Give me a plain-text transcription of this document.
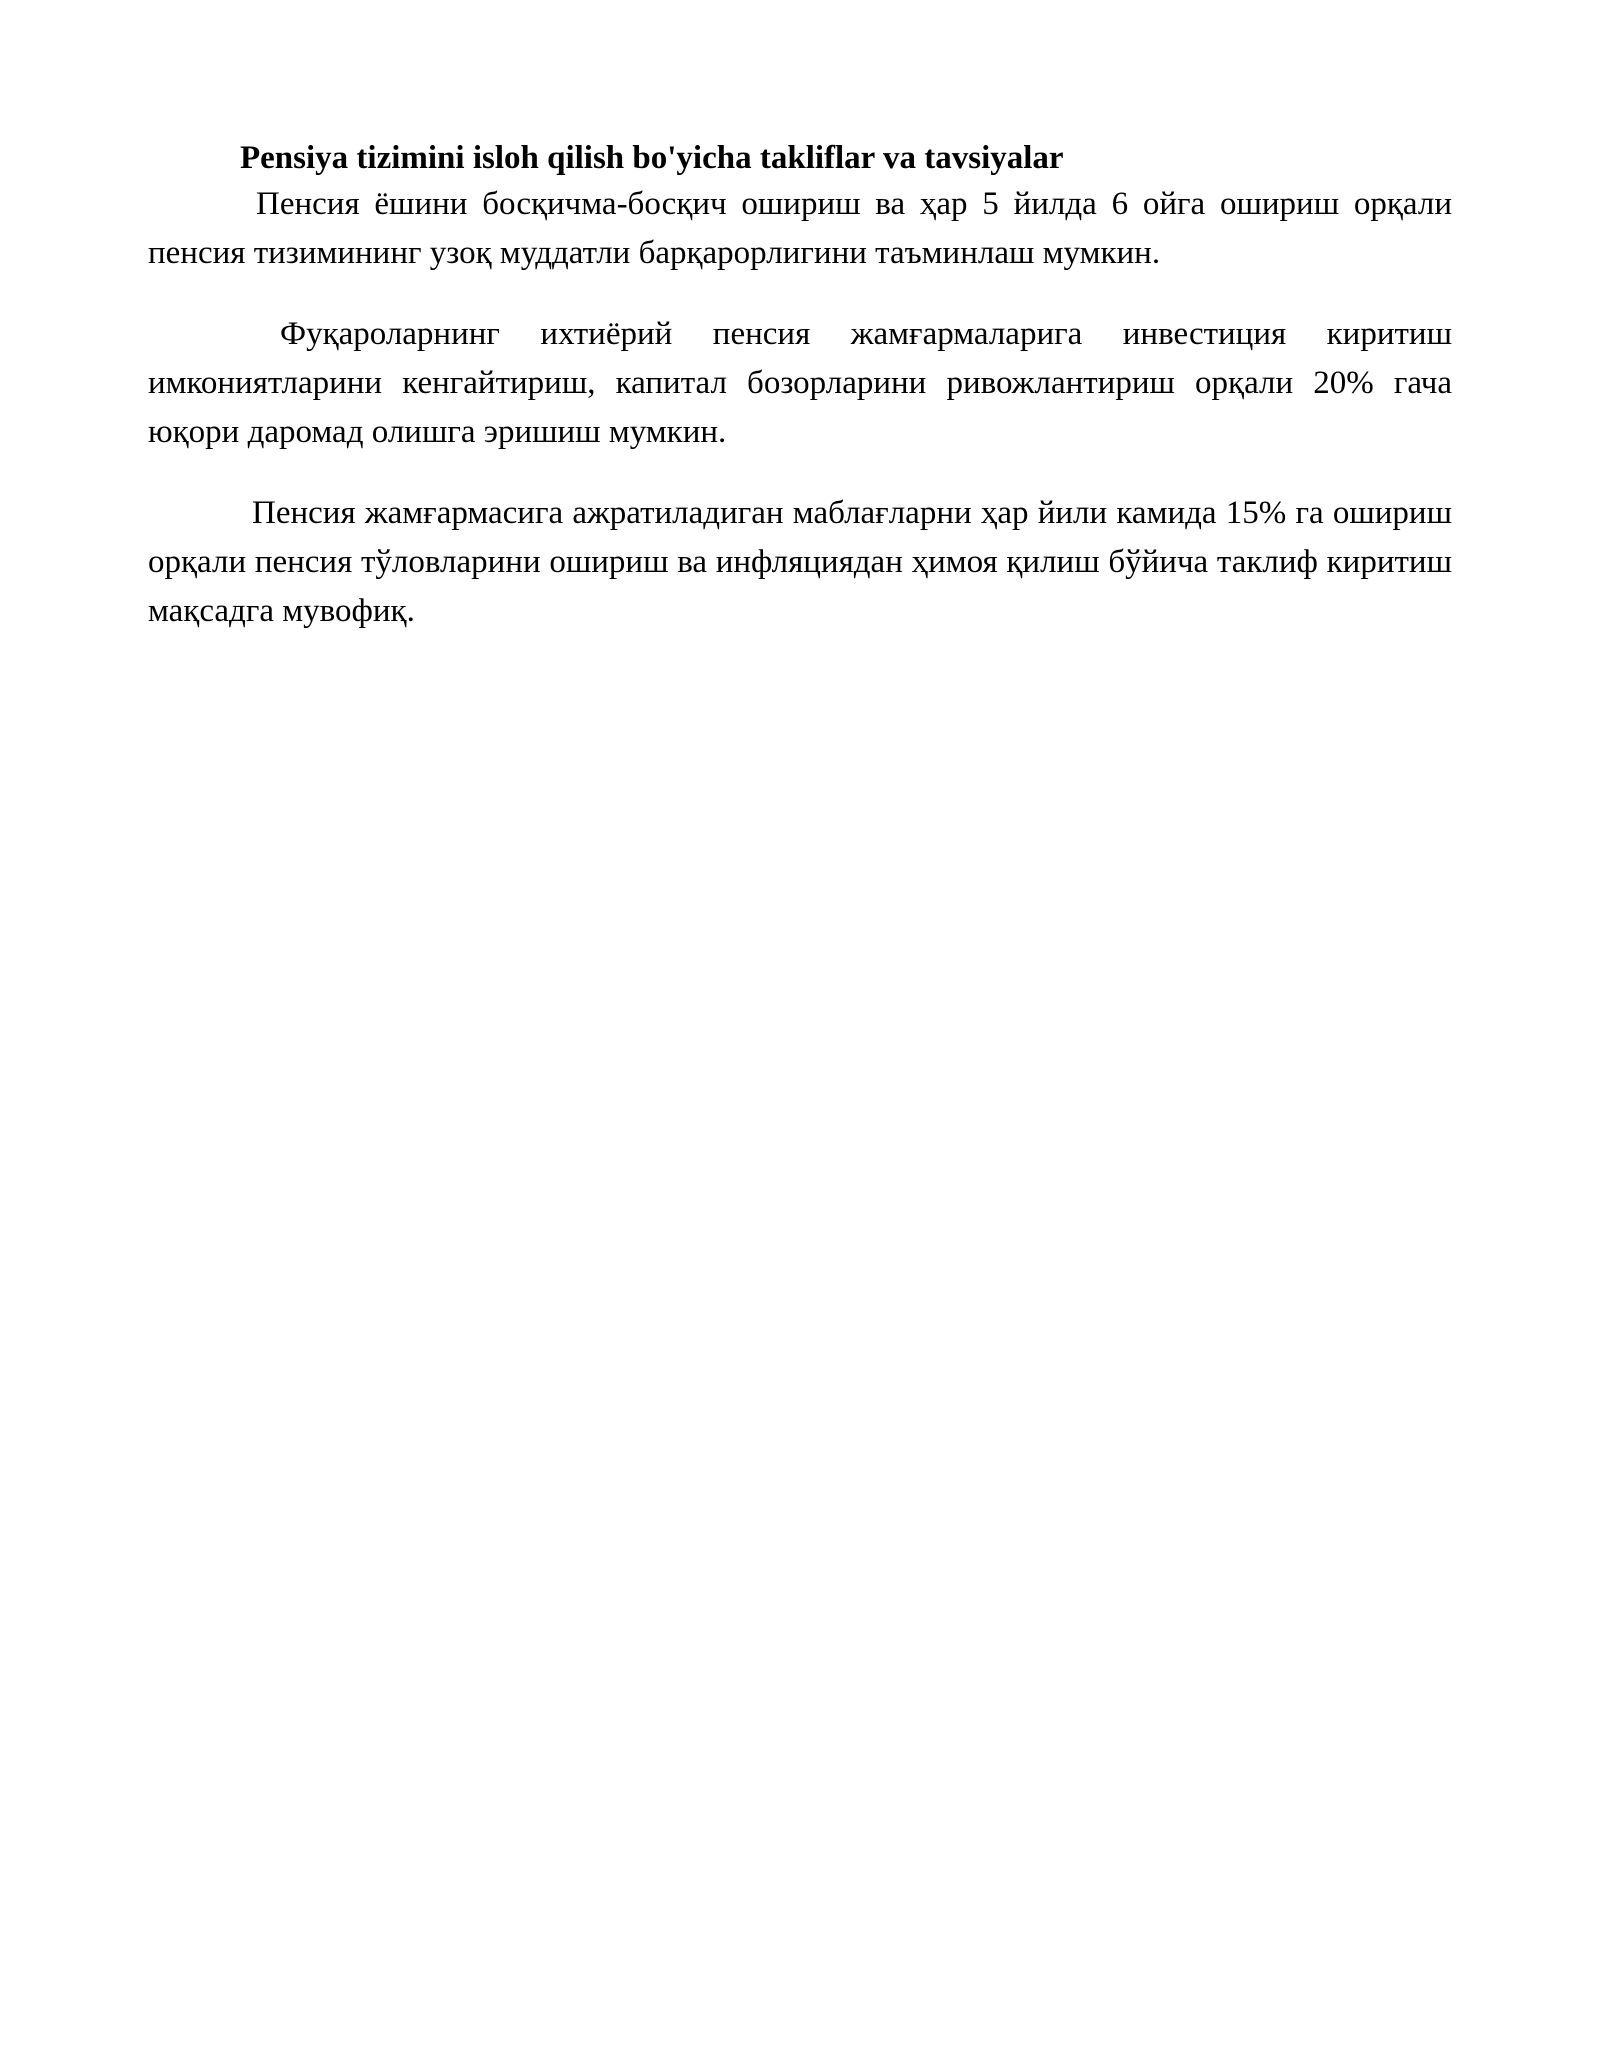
Pensiya tizimini isloh qilish bo'yicha takliflar va tavsiyalar

Пенсия ёшини босқичма-босқич ошириш ва ҳар 5 йилда 6 ойга ошириш орқали пенсия тизимининг узоқ муддатли барқарорлигини таъминлаш мумкин.

Фуқароларнинг ихтиёрий пенсия жамғармаларига инвестиция киритиш имкониятларини кенгайтириш, капитал бозорларини ривожлантириш орқали 20% гача юқори даромад олишга эришиш мумкин.

Пенсия жамғармасига ажратиладиган маблағларни ҳар йили камида 15% га ошириш орқали пенсия тўловларини ошириш ва инфляциядан ҳимоя қилиш бўйича таклиф киритиш мақсадга мувофиқ.
